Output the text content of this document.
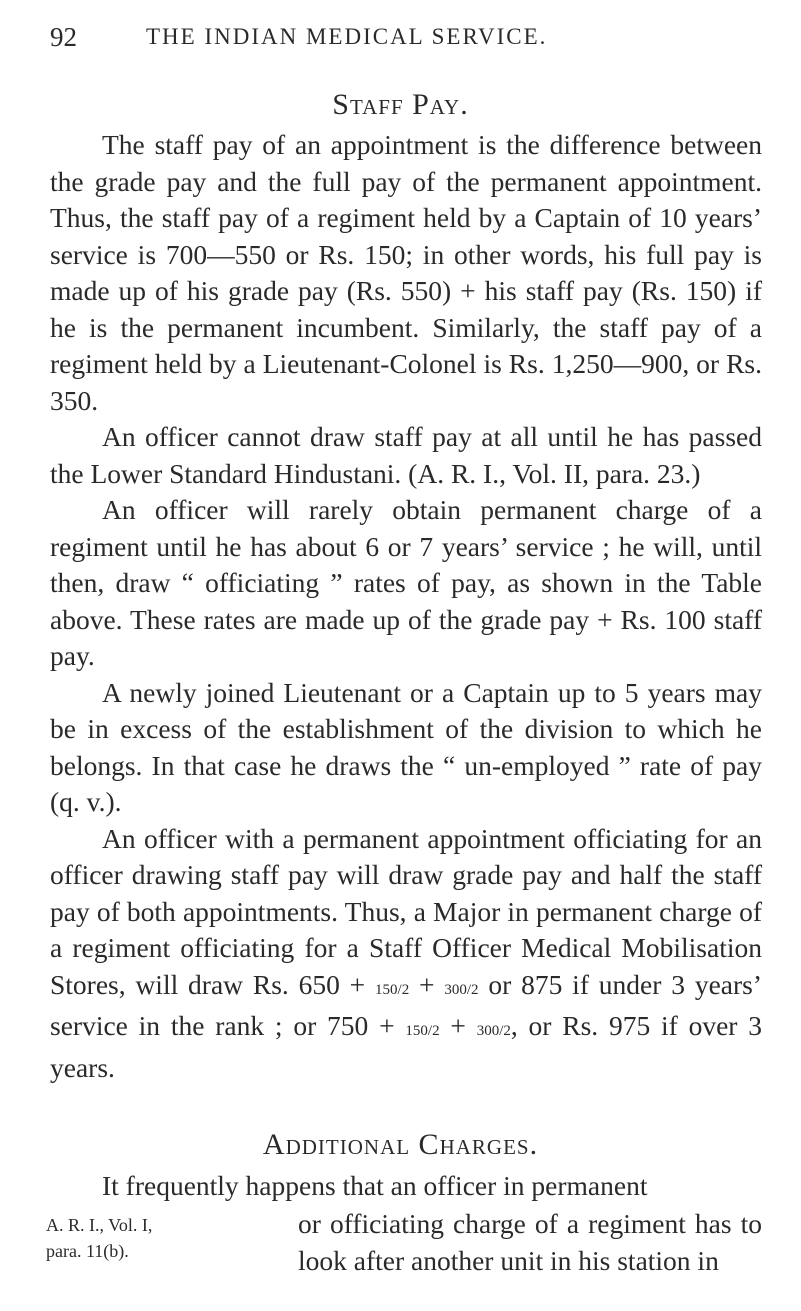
92	THE INDIAN MEDICAL SERVICE.
Staff Pay.

The staff pay of an appointment is the difference between the grade pay and the full pay of the permanent appointment. Thus, the staff pay of a regiment held by a Captain of 10 years’ service is 700—550 or Rs. 150; in other words, his full pay is made up of his grade pay (Rs. 550) + his staff pay (Rs. 150) if he is the permanent incumbent. Similarly, the staff pay of a regiment held by a Lieutenant-Colonel is Rs. 1,250—900, or Rs. 350.

An officer cannot draw staff pay at all until he has passed the Lower Standard Hindustani. (A. R. I., Vol. II, para. 23.)

An officer will rarely obtain permanent charge of a regiment until he has about 6 or 7 years’ service ; he will, until then, draw “ officiating ” rates of pay, as shown in the Table above. These rates are made up of the grade pay + Rs. 100 staff pay.

A newly joined Lieutenant or a Captain up to 5 years may be in excess of the establishment of the division to which he belongs. In that case he draws the “ un-employed ” rate of pay (q. v.).

An officer with a permanent appointment officiating for an officer drawing staff pay will draw grade pay and half the staff pay of both appointments. Thus, a Major in permanent charge of a regiment officiating for a Staff Officer Medical Mobilisation Stores, will draw Rs. 650 + 150/2 + 300/2 or 875 if under 3 years’ service in the rank ; or 750 + 150/2 + 300/2, or Rs. 975 if over 3 years.

Additional Charges.
It frequently happens that an officer in permanent
A. R. I., Vol. I,
para. 11(b).
or officiating charge of a regiment has to look after another unit in his station in
